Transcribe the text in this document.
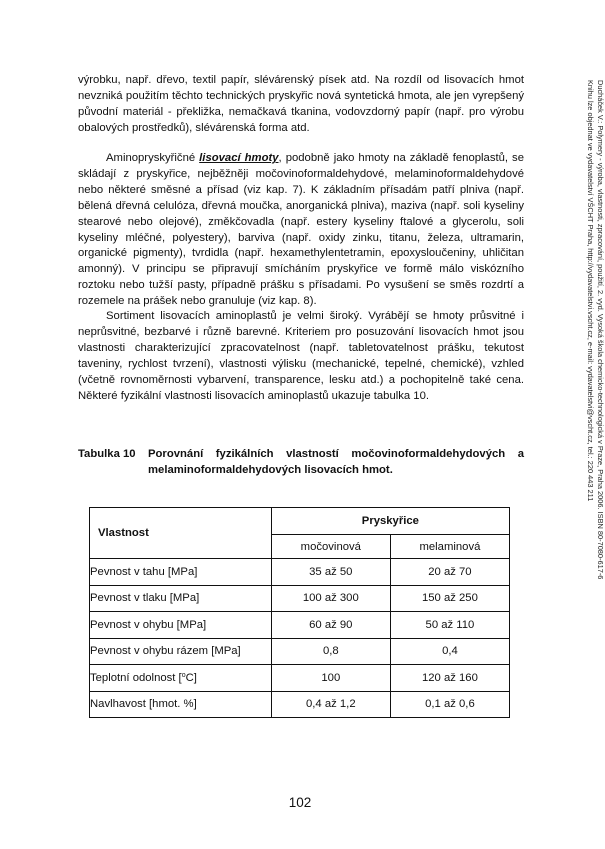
výrobku, např. dřevo, textil papír, slévárenský písek atd. Na rozdíl od lisovacích hmot nevzniká použitím těchto technických pryskyřic nová syntetická hmota, ale jen vyrepšený původní materiál - překližka, nemačkavá tkanina, vodovzdorný papír (např. pro výrobu obalových prostředků), slévárenská forma atd.

Aminopryskyřičné lisovací hmoty, podobně jako hmoty na základě fenoplastů, se skládají z pryskyřice, nejběžněji močovinoformaldehydové, melaminoformaldehydové nebo některé směsné a přísad (viz kap. 7). K základním přísadám patří plniva (např. bělená dřevná celulóza, dřevná moučka, anorganická plniva), maziva (např. soli kyseliny stearové nebo olejové), změkčovadla (např. estery kyseliny ftalové a glycerolu, soli kyseliny mléčné, polyestery), barviva (např. oxidy zinku, titanu, železa, ultramarin, organické pigmenty), tvrdidla (např. hexamethylentetramin, epoxysloučeniny, uhličitan amonný). V principu se připravují smícháním pryskyřice ve formě málo viskózního roztoku nebo tužší pasty, případně prášku s přísadami. Po vysušení se směs rozdrtí a rozemele na prášek nebo granuluje (viz kap. 8).

Sortiment lisovacích aminoplastů je velmi široký. Vyrábějí se hmoty průsvitné i neprůsvitné, bezbarvé i různě barevné. Kriteriem pro posuzování lisovacích hmot jsou vlastnosti charakterizující zpracovatelnost (např. tabletovatelnost prášku, tekutost taveniny, rychlost tvrzení), vlastnosti výlisku (mechanické, tepelné, chemické), vzhled (včetně rovnoměrnosti vybarvení, transparence, lesku atd.) a pochopitelně také cena. Některé fyzikální vlastnosti lisovacích aminoplastů ukazuje tabulka 10.

Tabulka 10	Porovnání fyzikálních vlastností močovinoformaldehydových a melaminoformaldehydových lisovacích hmot.
Vlastnost	Pryskyřice	
	močovinová	melaminová
Pevnost v tahu [MPa]	35 až 50	20 až 70
Pevnost v tlaku [MPa]	100 až 300	150 až 250
Pevnost v ohybu [MPa]	60 až 90	50 až 110
Pevnost v ohybu rázem [MPa]	0,8	0,4
Teplotní odolnost [$^o$C]	100	120 až 160
Navlhavost [hmot. %]	0,4 až 1,2	0,1 až 0,6
Ducháček V.: Polymery - výroba, vlastnosti, zpracování, použití, 2. vyd. Vysoká škola chemicko-technologická v Praze, Praha 2006. ISBN 80-7080-617-6
Knihu lze objednat ve vydavatelství VŠCHT Praha, http://vydavatelstvi.vscht.cz, e-mail: vydavatelstvi@vscht.cz, tel.: 220 443 211
102
